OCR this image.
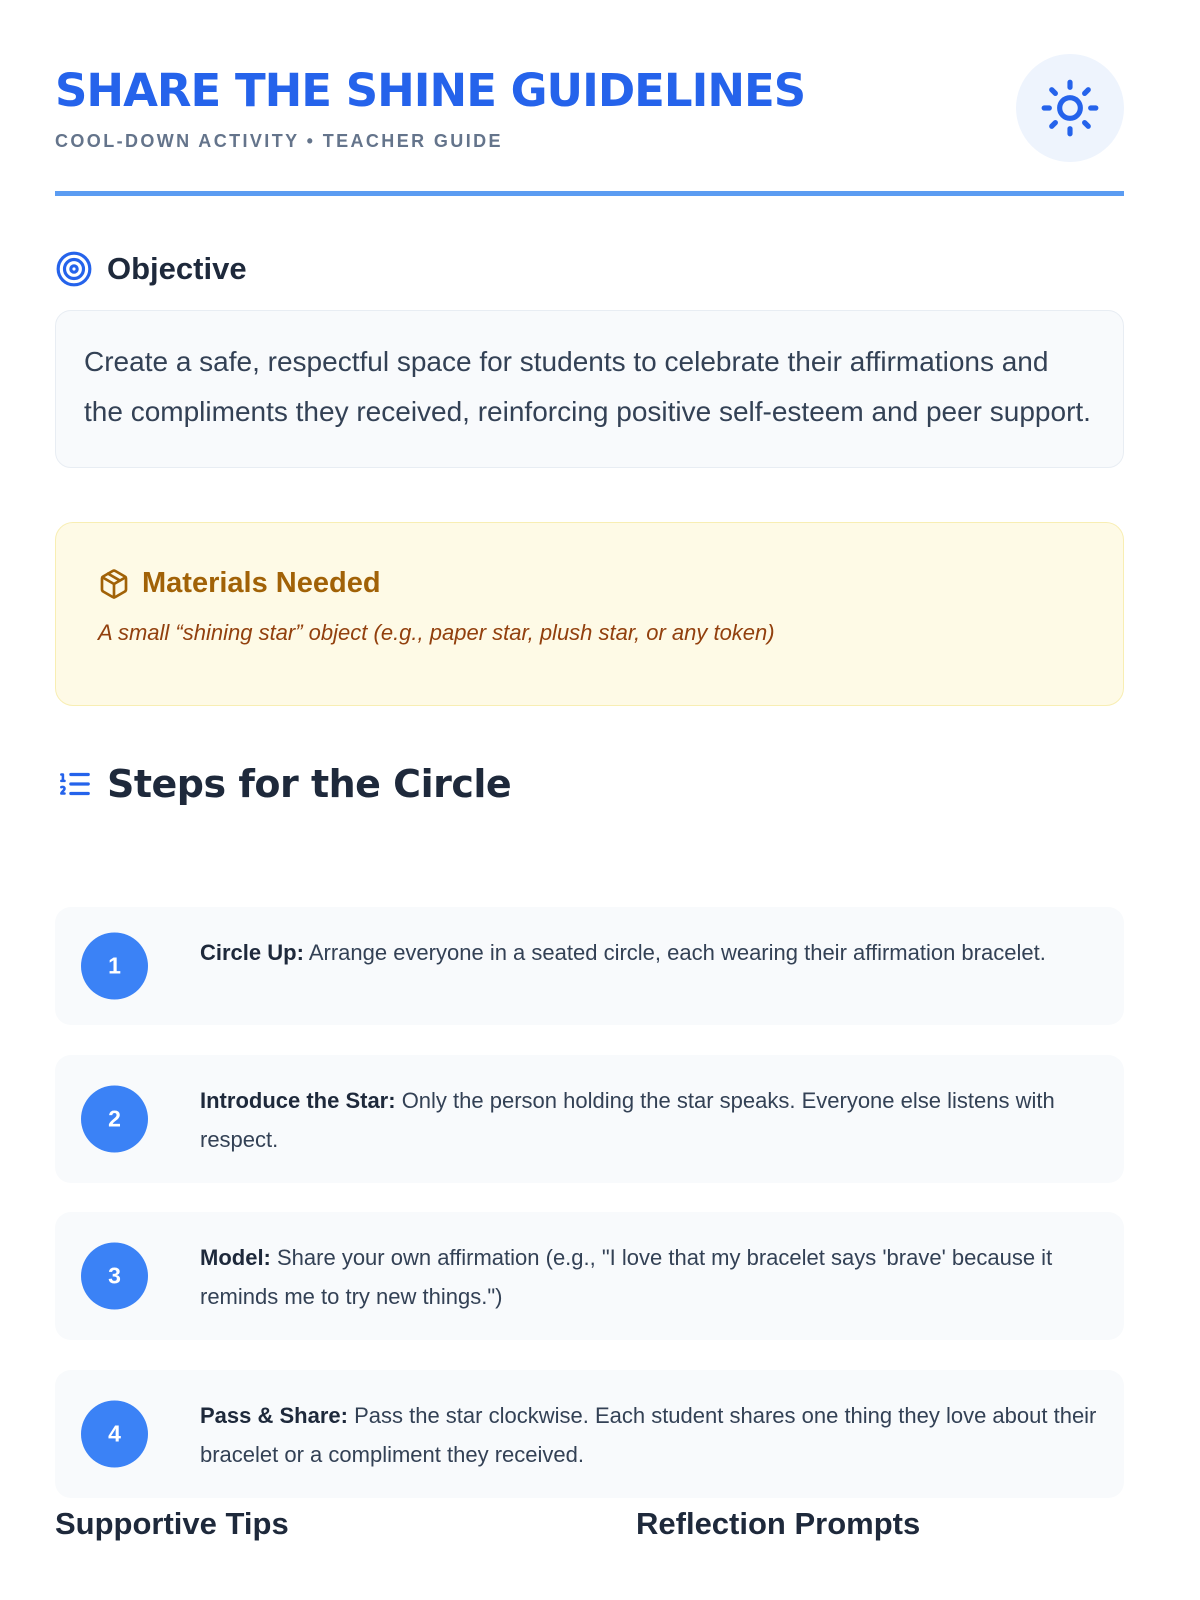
SHARE THE SHINE GUIDELINES
COOL-DOWN ACTIVITY • TEACHER GUIDE
Objective
Create a safe, respectful space for students to celebrate their affirmations and the compliments they received, reinforcing positive self-esteem and peer support.
Materials Needed
A small “shining star” object (e.g., paper star, plush star, or any token)
Steps for the Circle
1	Circle Up: Arrange everyone in a seated circle, each wearing their affirmation bracelet.
2
Introduce the Star: Only the person holding the star speaks. Everyone else listens with respect.
3
Model: Share your own affirmation (e.g., "I love that my bracelet says 'brave' because it reminds me to try new things.")
4
Pass & Share: Pass the star clockwise. Each student shares one thing they love about their bracelet or a compliment they received.
Supportive Tips	Reflection Prompts
